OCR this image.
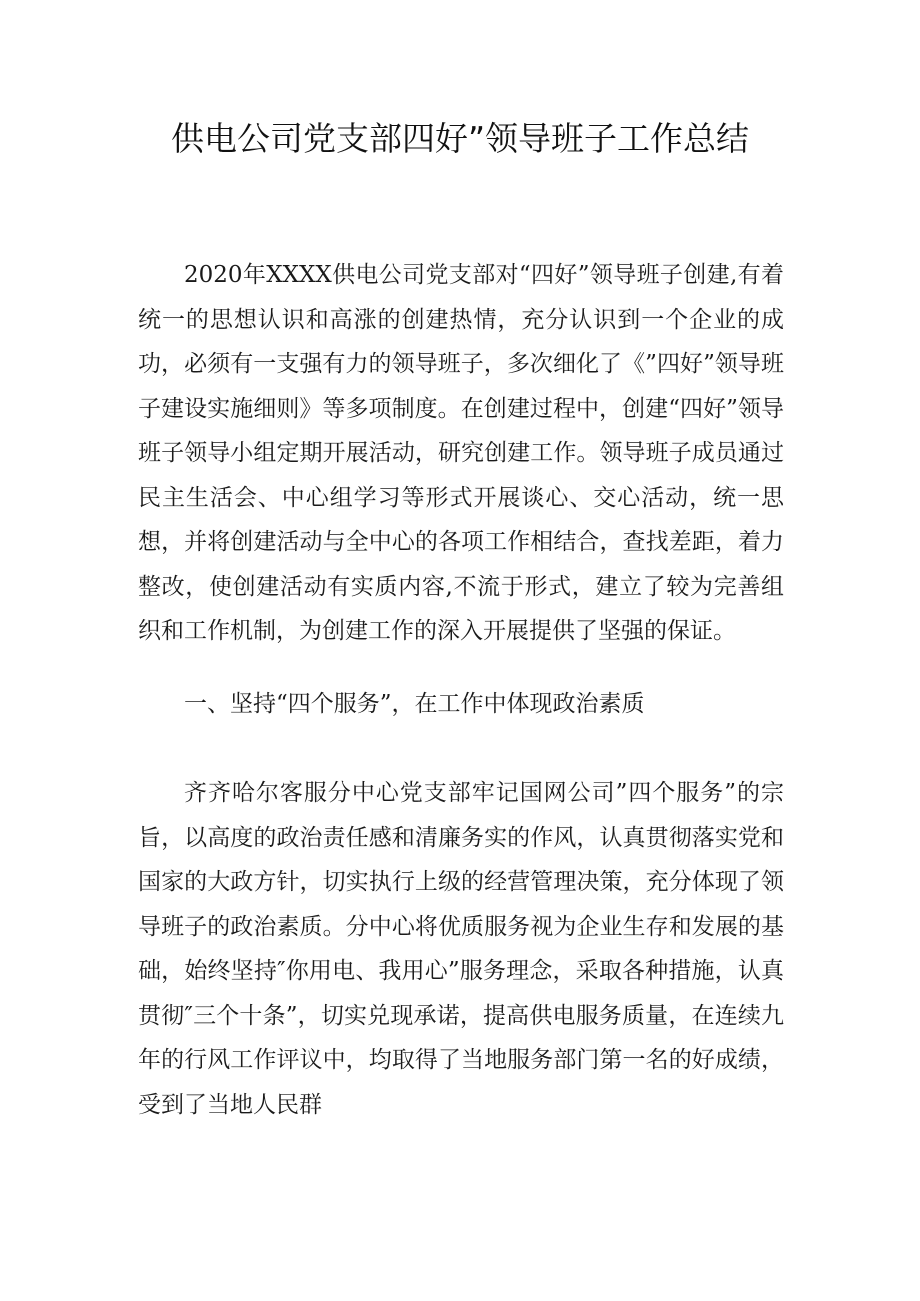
供电公司党支部四好”领导班子工作总结

2020年XXXX供电公司党支部对“四好”领导班子创建,有着统一的思想认识和高涨的创建热情，充分认识到一个企业的成功，必须有一支强有力的领导班子，多次细化了《”四好”领导班子建设实施细则》等多项制度。在创建过程中，创建“四好”领导班子领导小组定期开展活动，研究创建工作。领导班子成员通过民主生活会、中心组学习等形式开展谈心、交心活动，统一思想，并将创建活动与全中心的各项工作相结合，查找差距，着力整改，使创建活动有实质内容,不流于形式，建立了较为完善组织和工作机制，为创建工作的深入开展提供了坚强的保证。

一、坚持“四个服务”，在工作中体现政治素质

齐齐哈尔客服分中心党支部牢记国网公司”四个服务”的宗旨，以高度的政治责任感和清廉务实的作风，认真贯彻落实党和国家的大政方针，切实执行上级的经营管理决策，充分体现了领导班子的政治素质。分中心将优质服务视为企业生存和发展的基础，始终坚持″你用电、我用心”服务理念，采取各种措施，认真贯彻″三个十条”，切实兑现承诺，提高供电服务质量，在连续九年的行风工作评议中，均取得了当地服务部门第一名的好成绩，受到了当地人民群
